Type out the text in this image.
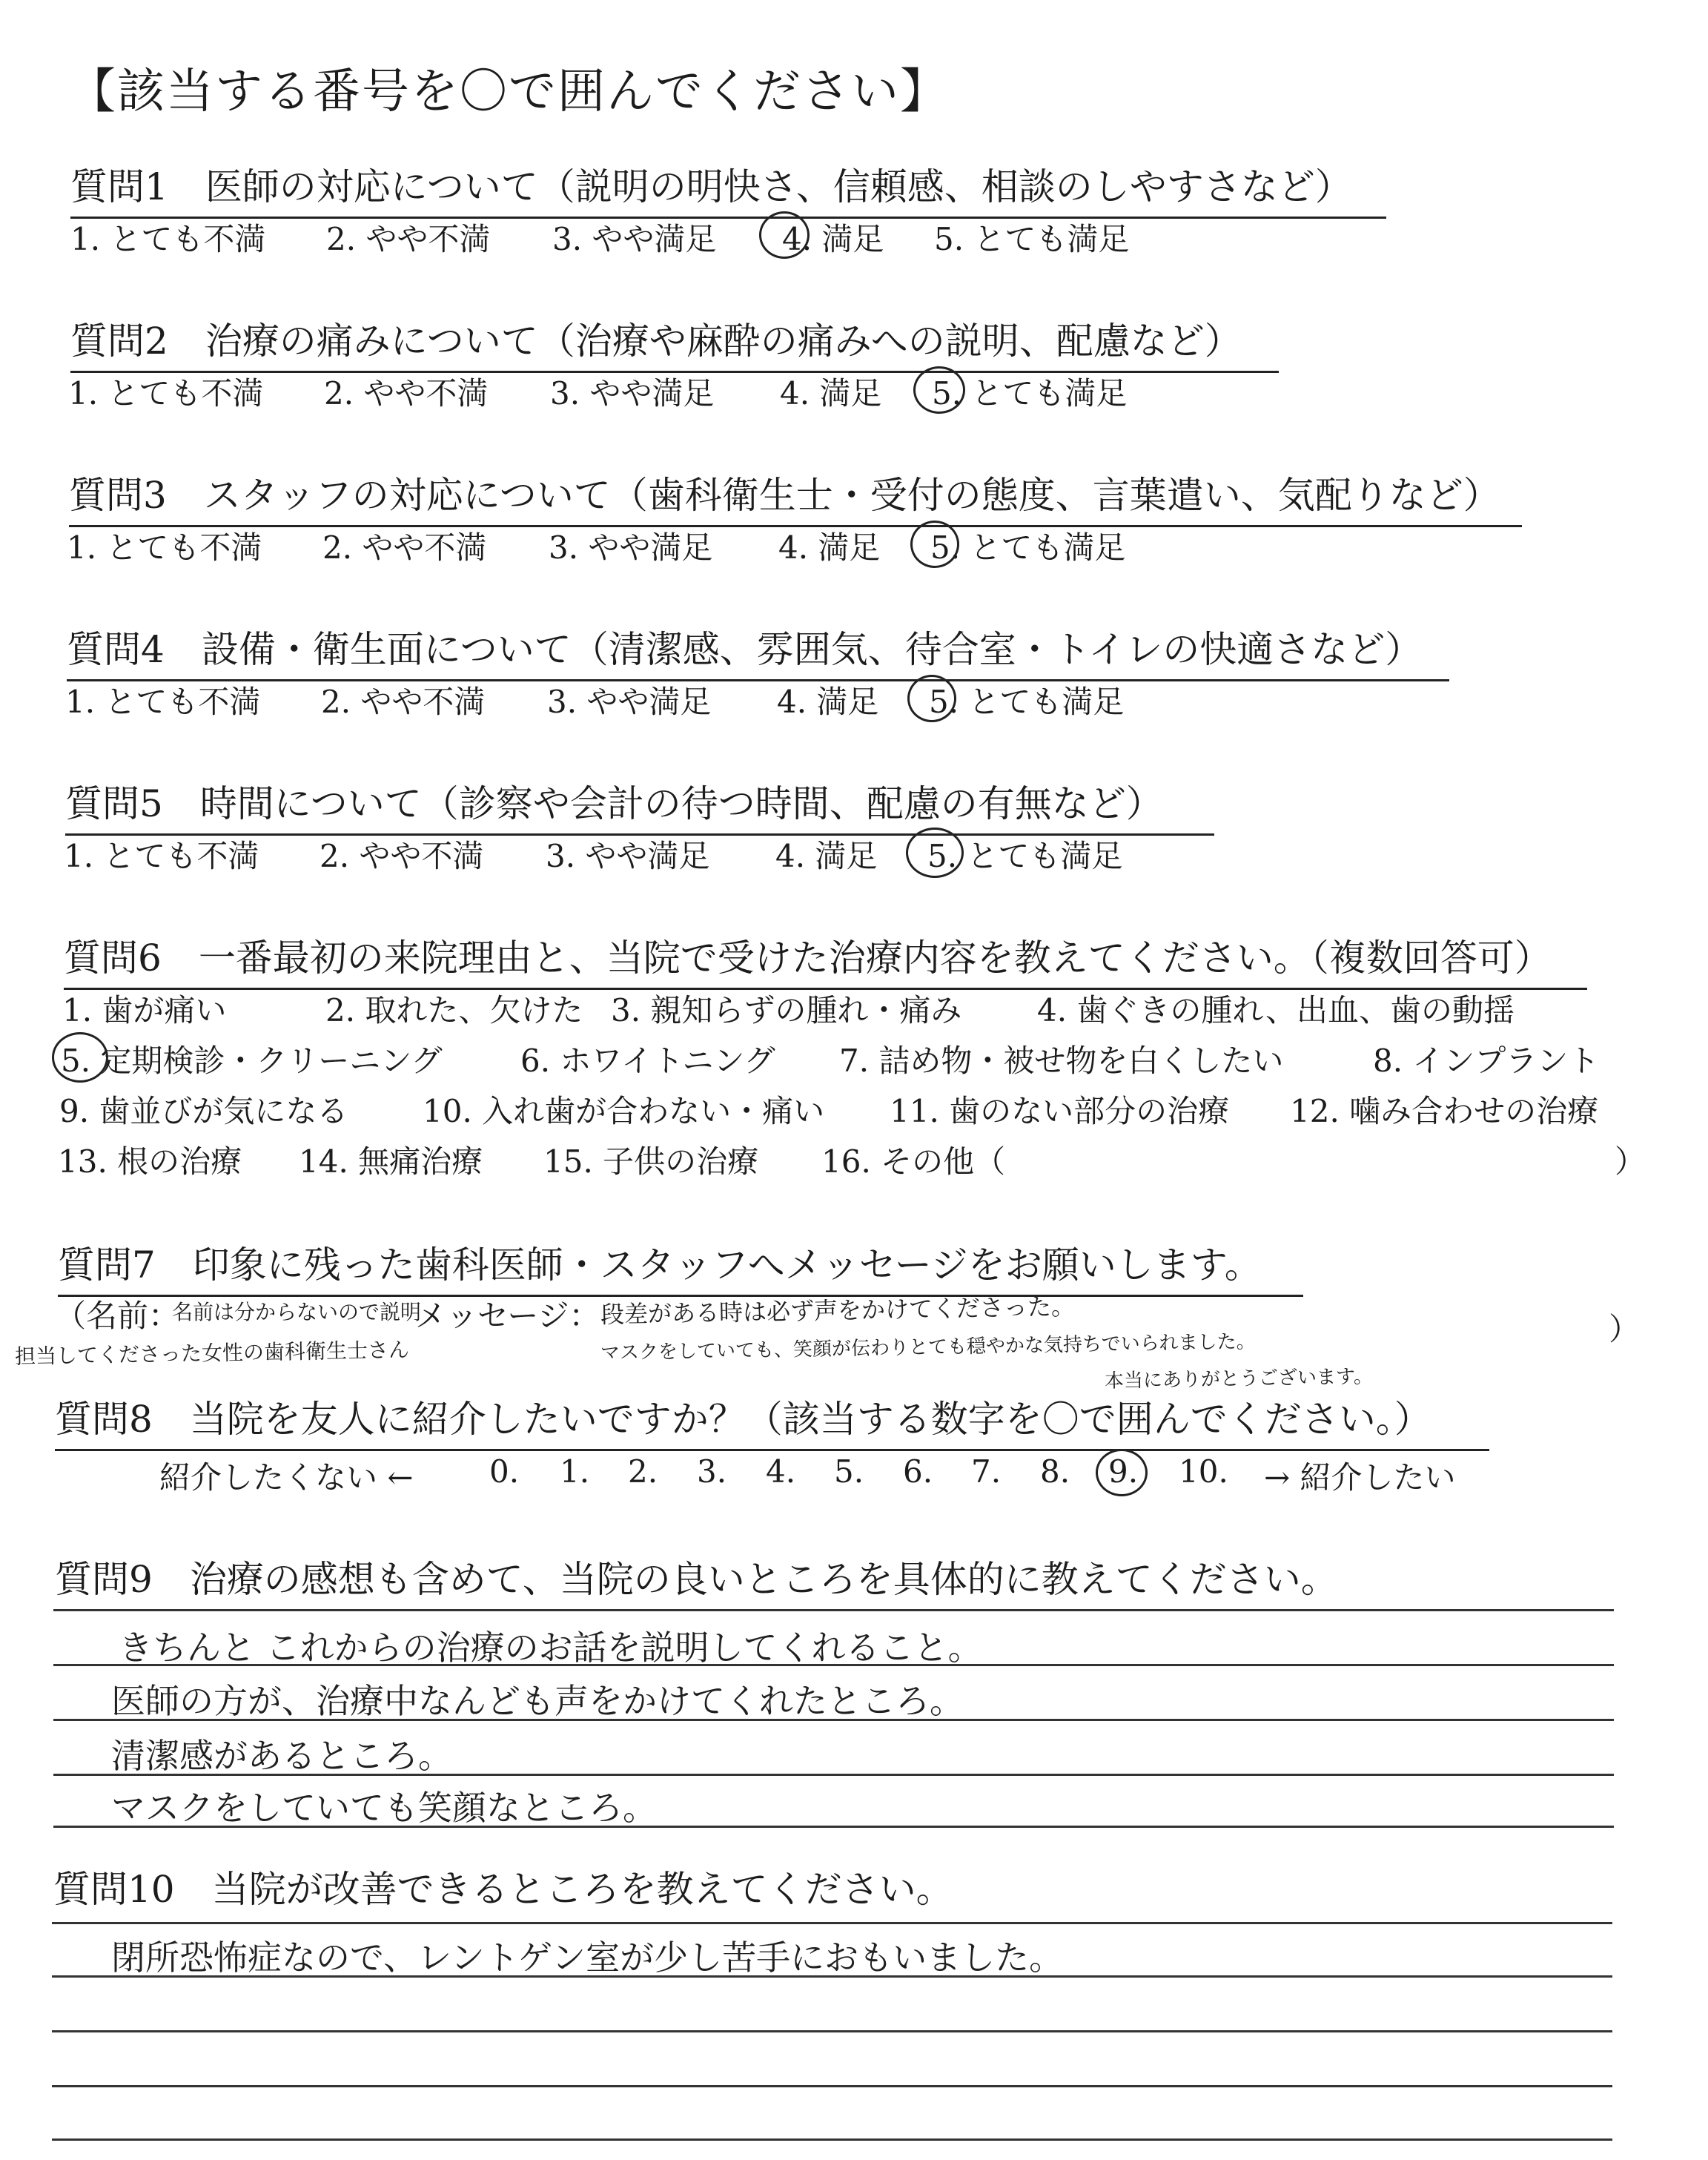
【該当する番号を〇で囲んでください】
質問1　 医師の対応について（説明の明快さ、信頼感、相談のしやすさなど）
1. とても不満 2. やや不満 3. やや満足 4. 満足 5. とても満足
質問2　 治療の痛みについて（治療や麻酔の痛みへの説明、配慮など）
1. とても不満 2. やや不満 3. やや満足 4. 満足 5. とても満足
質問3　 スタッフの対応について（歯科衛生士・受付の態度、言葉遣い、気配りなど）
1. とても不満 2. やや不満 3. やや満足 4. 満足 5. とても満足
質問4　 設備・衛生面について（清潔感、雰囲気、待合室・トイレの快適さなど）
1. とても不満 2. やや不満 3. やや満足 4. 満足 5. とても満足
質問5　 時間について（診察や会計の待つ時間、配慮の有無など）
1. とても不満 2. やや不満 3. やや満足 4. 満足 5. とても満足
質問6　 一番最初の来院理由と、当院で受けた治療内容を教えてください。（複数回答可）
1. 歯が痛い	2. 取れた、欠けた 3. 親知らずの腫れ・痛み 4. 歯ぐきの腫れ、出血、歯の動揺
5. 定期検診・クリーニング	6. ホワイトニング 7. 詰め物・被せ物を白くしたい	8. インプラント
9. 歯並びが気になる 10. 入れ歯が合わない・痛い 11. 歯のない部分の治療 12. 噛み合わせの治療
13. 根の治療 14. 無痛治療 15. 子供の治療 16. その他（	）
質問7　 印象に残った歯科医師・スタッフへメッセージをお願いします。
（名前：
名前は分からないので説明
メッセージ：	）
担当してくださった女性の歯科衛生士さん
段差がある時は必ず声をかけてくださった。
マスクをしていても、笑顔が伝わりとても穏やかな気持ちでいられました。
本当にありがとうございます。
質問8　 当院を友人に紹介したいですか？（該当する数字を〇で囲んでください。）
紹介したくない ← 0. 1. 2. 3. 4. 5. 6. 7. 8. 9. 10. → 紹介したい
質問9　 治療の感想も含めて、当院の良いところを具体的に教えてください。
きちんと これからの治療のお話を説明してくれること。
医師の方が、治療中なんども声をかけてくれたところ。
清潔感があるところ。
マスクをしていても笑顔なところ。
質問10　 当院が改善できるところを教えてください。
閉所恐怖症なので、レントゲン室が少し苦手におもいました。
